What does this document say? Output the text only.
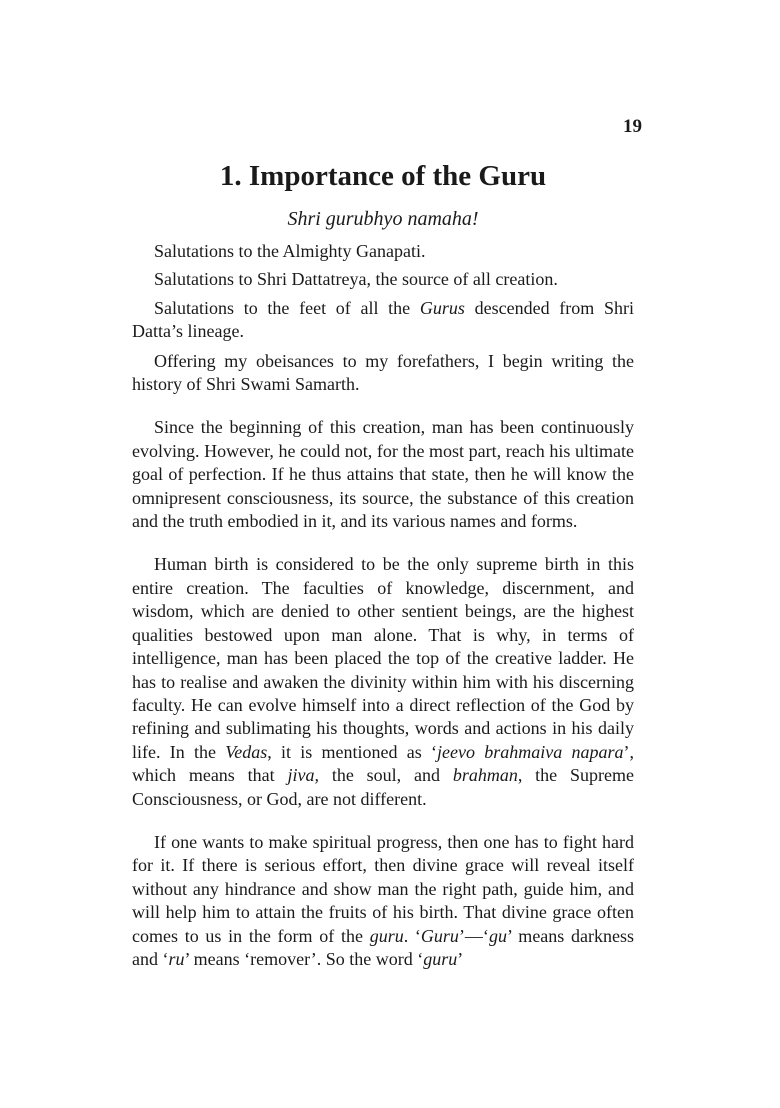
19
1. Importance of the Guru
Shri gurubhyo namaha!

Salutations to the Almighty Ganapati.

Salutations to Shri Dattatreya, the source of all creation.

Salutations to the feet of all the Gurus descended from Shri Datta’s lineage.

Offering my obeisances to my forefathers, I begin writing the history of Shri Swami Samarth.

Since the beginning of this creation, man has been continuously evolving. However, he could not, for the most part, reach his ultimate goal of perfection. If he thus attains that state, then he will know the omnipresent consciousness, its source, the substance of this creation and the truth embodied in it, and its various names and forms.

Human birth is considered to be the only supreme birth in this entire creation. The faculties of knowledge, discernment, and wisdom, which are denied to other sentient beings, are the highest qualities bestowed upon man alone. That is why, in terms of intelligence, man has been placed the top of the creative ladder. He has to realise and awaken the divinity within him with his discerning faculty. He can evolve himself into a direct reflection of the God by refining and sublimating his thoughts, words and actions in his daily life. In the Vedas, it is mentioned as ‘jeevo brahmaiva napara’, which means that jiva, the soul, and brahman, the Supreme Consciousness, or God, are not different.

If one wants to make spiritual progress, then one has to fight hard for it. If there is serious effort, then divine grace will reveal itself without any hindrance and show man the right path, guide him, and will help him to attain the fruits of his birth. That divine grace often comes to us in the form of the guru. ‘Guru’—‘gu’ means darkness and ‘ru’ means ‘remover’. So the word ‘guru’
